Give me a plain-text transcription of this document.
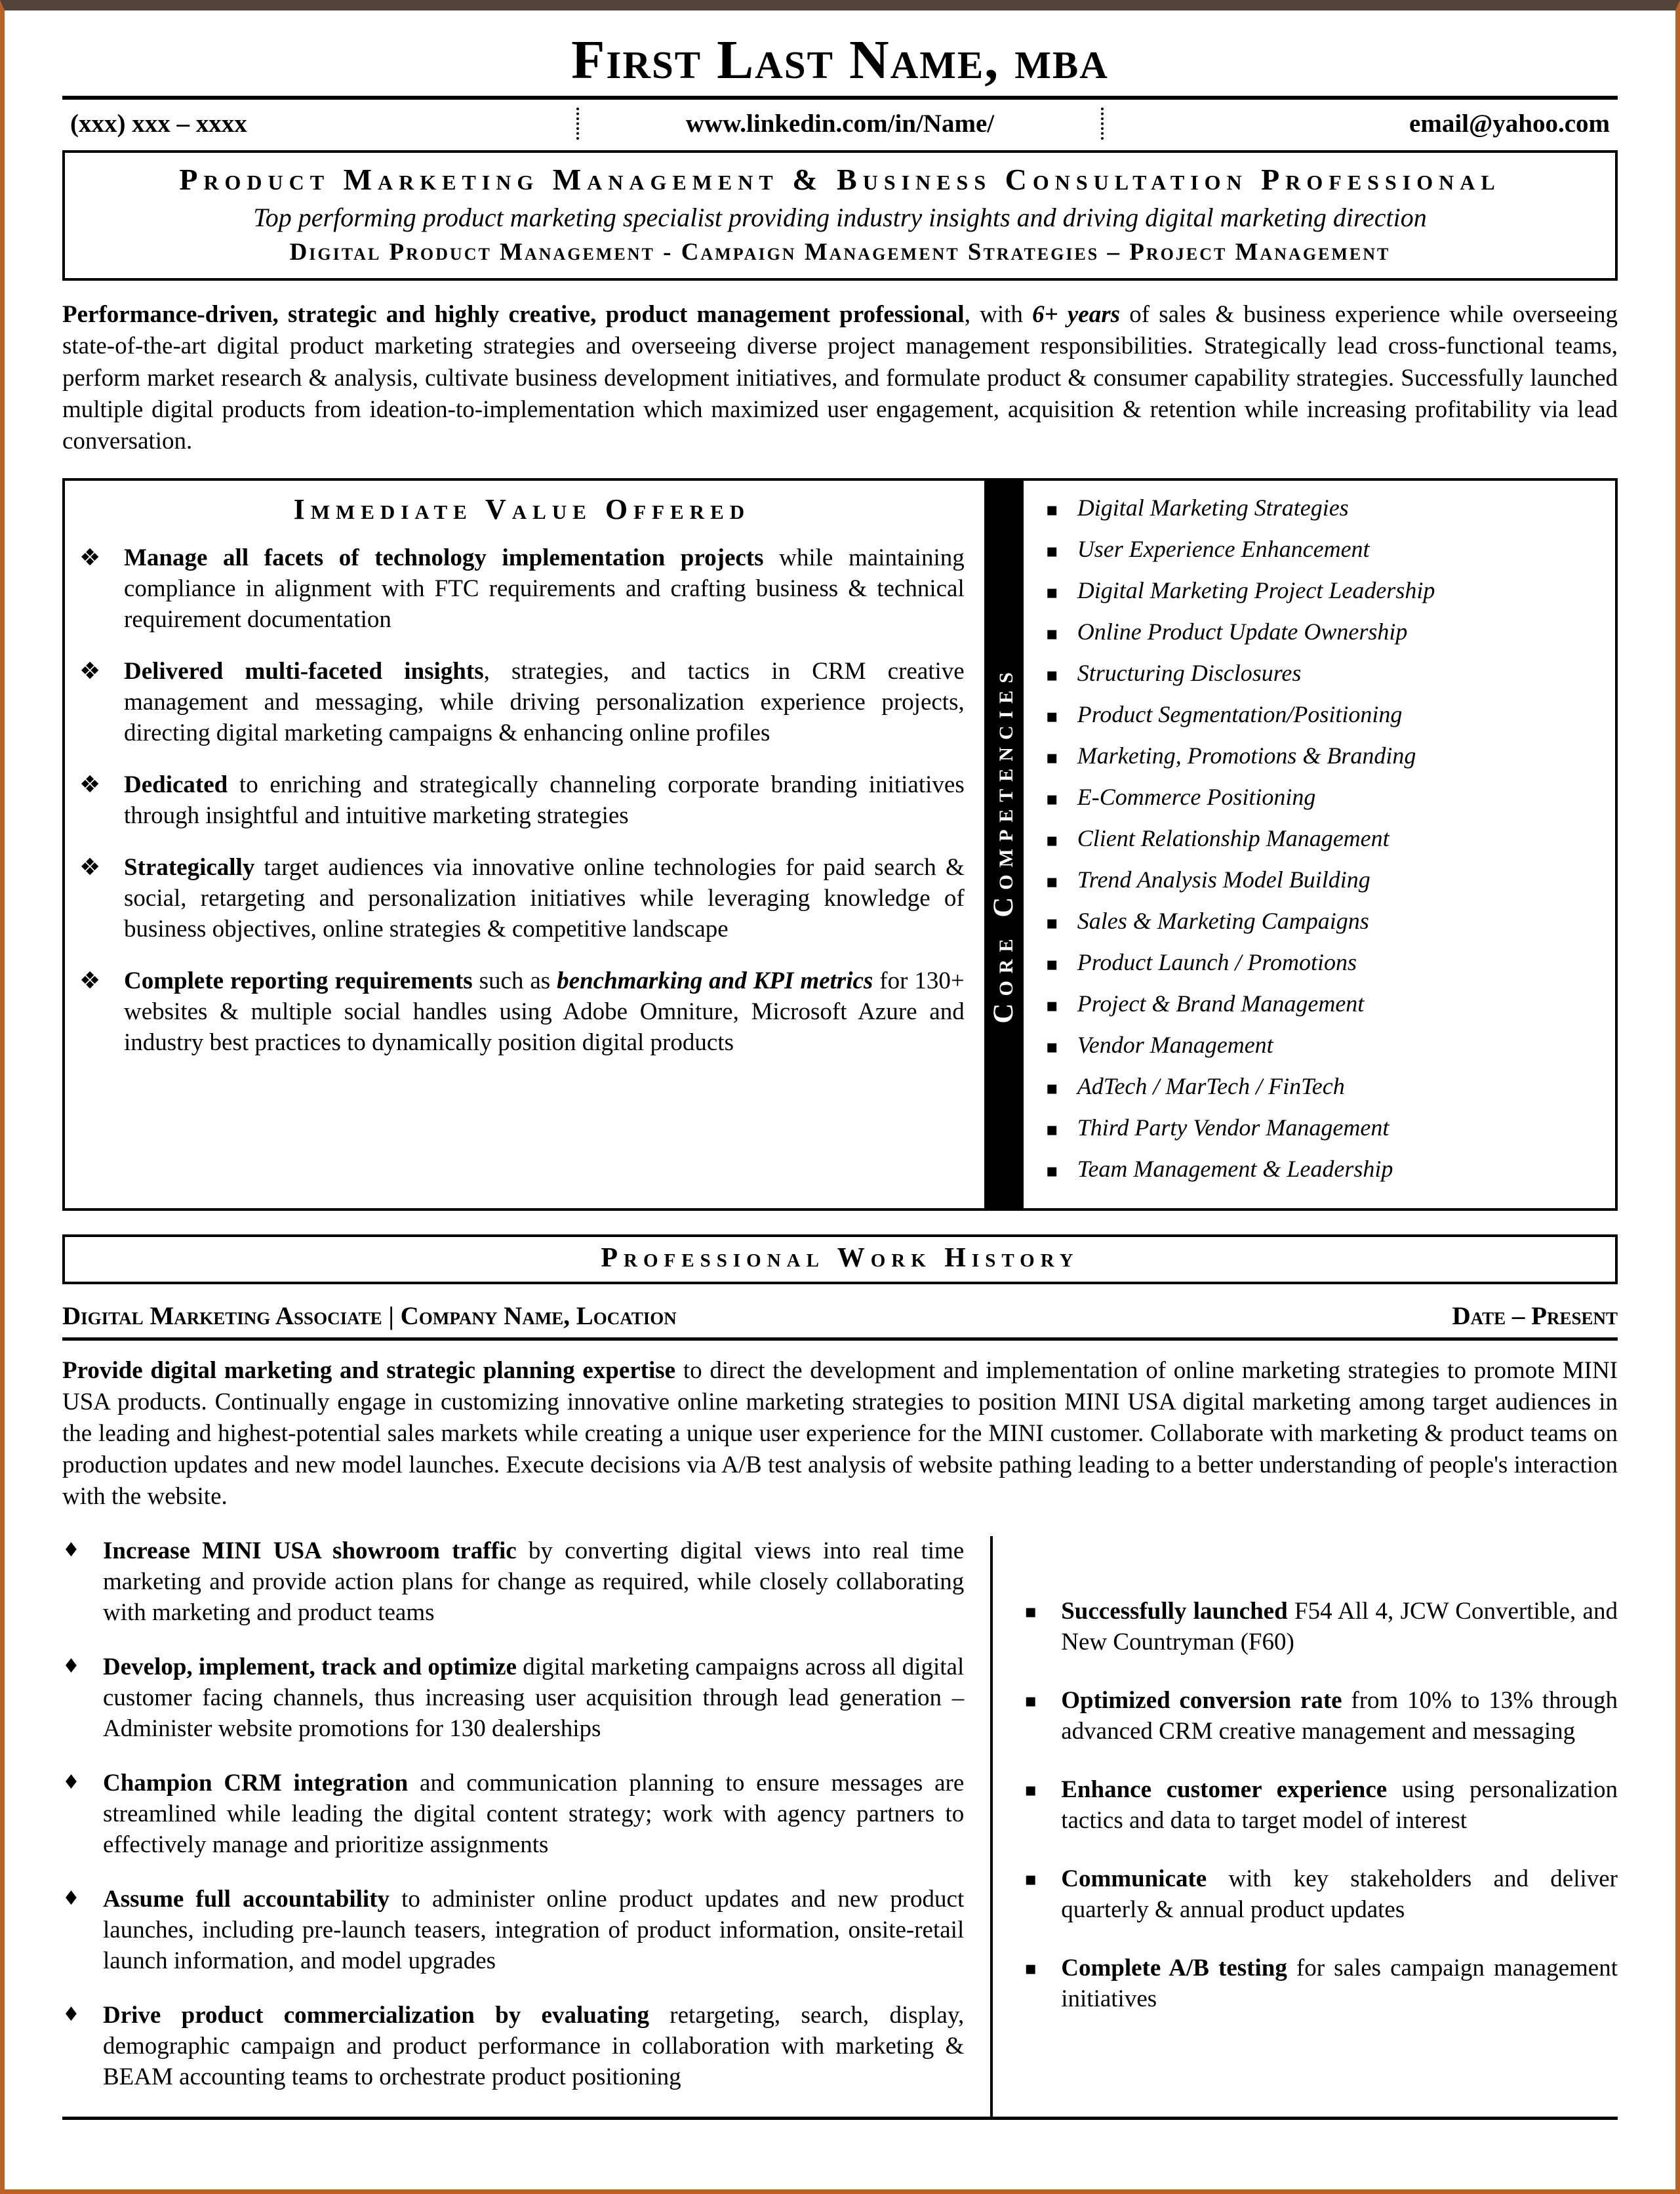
First Last Name, mba
(xxx) xxx – xxxx	www.linkedin.com/in/Name/	email@yahoo.com
Product Marketing Management & Business Consultation Professional
Top performing product marketing specialist providing industry insights and driving digital marketing direction
Digital Product Management - Campaign Management Strategies – Project Management

Performance-driven, strategic and highly creative, product management professional, with 6+ years of sales & business experience while overseeing state-of-the-art digital product marketing strategies and overseeing diverse project management responsibilities. Strategically lead cross-functional teams, perform market research & analysis, cultivate business development initiatives, and formulate product & consumer capability strategies. Successfully launched multiple digital products from ideation-to-implementation which maximized user engagement, acquisition & retention while increasing profitability via lead conversation.

Immediate Value Offered
❖ Manage all facets of technology implementation projects while maintaining compliance in alignment with FTC requirements and crafting business & technical requirement documentation

❖ Delivered multi-faceted insights, strategies, and tactics in CRM creative management and messaging, while driving personalization experience projects, directing digital marketing campaigns & enhancing online profiles

❖ Dedicated to enriching and strategically channeling corporate branding initiatives through insightful and intuitive marketing strategies

❖ Strategically target audiences via innovative online technologies for paid search & social, retargeting and personalization initiatives while leveraging knowledge of business objectives, online strategies & competitive landscape

❖ Complete reporting requirements such as benchmarking and KPI metrics for 130+ websites & multiple social handles using Adobe Omniture, Microsoft Azure and industry best practices to dynamically position digital products

Core Competencies
▪ Digital Marketing Strategies
▪ User Experience Enhancement
▪ Digital Marketing Project Leadership
▪ Online Product Update Ownership
▪ Structuring Disclosures
▪ Product Segmentation/Positioning
▪ Marketing, Promotions & Branding
▪ E-Commerce Positioning
▪ Client Relationship Management
▪ Trend Analysis Model Building
▪ Sales & Marketing Campaigns
▪ Product Launch / Promotions
▪ Project & Brand Management
▪ Vendor Management
▪ AdTech / MarTech / FinTech
▪ Third Party Vendor Management
▪ Team Management & Leadership
Professional Work History
Digital Marketing Associate | Company Name, Location	Date – Present

Provide digital marketing and strategic planning expertise to direct the development and implementation of online marketing strategies to promote MINI USA products. Continually engage in customizing innovative online marketing strategies to position MINI USA digital marketing among target audiences in the leading and highest-potential sales markets while creating a unique user experience for the MINI customer. Collaborate with marketing & product teams on production updates and new model launches. Execute decisions via A/B test analysis of website pathing leading to a better understanding of people's interaction with the website.

♦ Increase MINI USA showroom traffic by converting digital views into real time marketing and provide action plans for change as required, while closely collaborating with marketing and product teams

♦ Develop, implement, track and optimize digital marketing campaigns across all digital customer facing channels, thus increasing user acquisition through lead generation – Administer website promotions for 130 dealerships

♦ Champion CRM integration and communication planning to ensure messages are streamlined while leading the digital content strategy; work with agency partners to effectively manage and prioritize assignments

♦ Assume full accountability to administer online product updates and new product launches, including pre-launch teasers, integration of product information, onsite-retail launch information, and model upgrades

♦ Drive product commercialization by evaluating retargeting, search, display, demographic campaign and product performance in collaboration with marketing & BEAM accounting teams to orchestrate product positioning

▪	Successfully launched F54 All 4, JCW Convertible, and New Countryman (F60)

▪	Optimized conversion rate from 10% to 13% through advanced CRM creative management and messaging

▪	Enhance customer experience using personalization tactics and data to target model of interest

▪	Communicate with key stakeholders and deliver quarterly & annual product updates

▪	Complete A/B testing for sales campaign management initiatives
